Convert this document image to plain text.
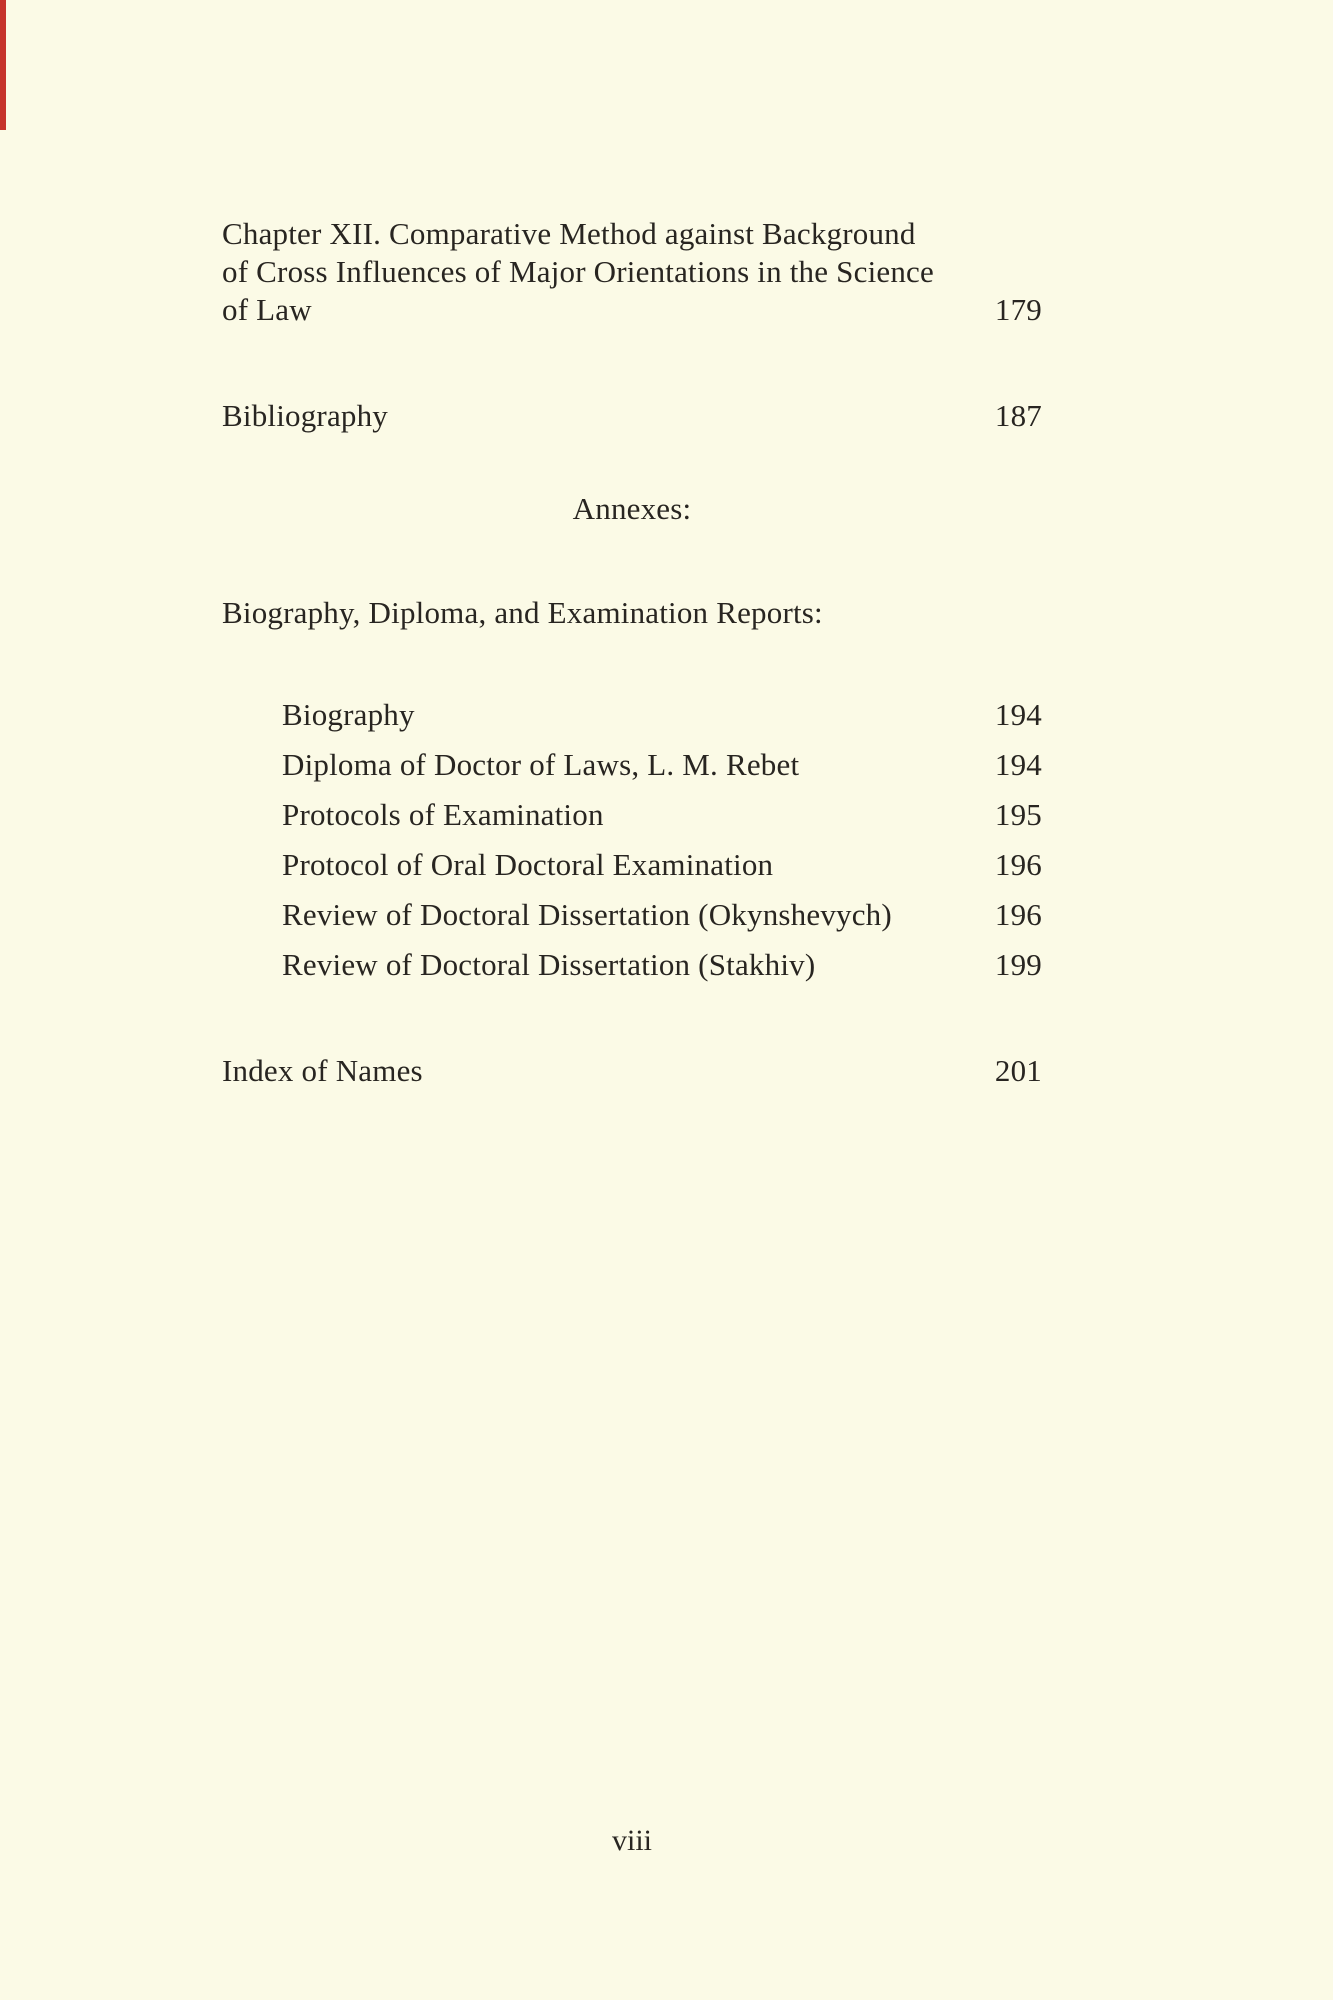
Chapter XII. Comparative Method against Background
of Cross Influences of Major Orientations in the Science
of Law	179
Bibliography	187
Annexes:
Biography, Diploma, and Examination Reports:
Biography	194
Diploma of Doctor of Laws, L. M. Rebet	194
Protocols of Examination	195
Protocol of Oral Doctoral Examination	196
Review of Doctoral Dissertation (Okynshevych)	196
Review of Doctoral Dissertation (Stakhiv)	199
Index of Names	201
viii
